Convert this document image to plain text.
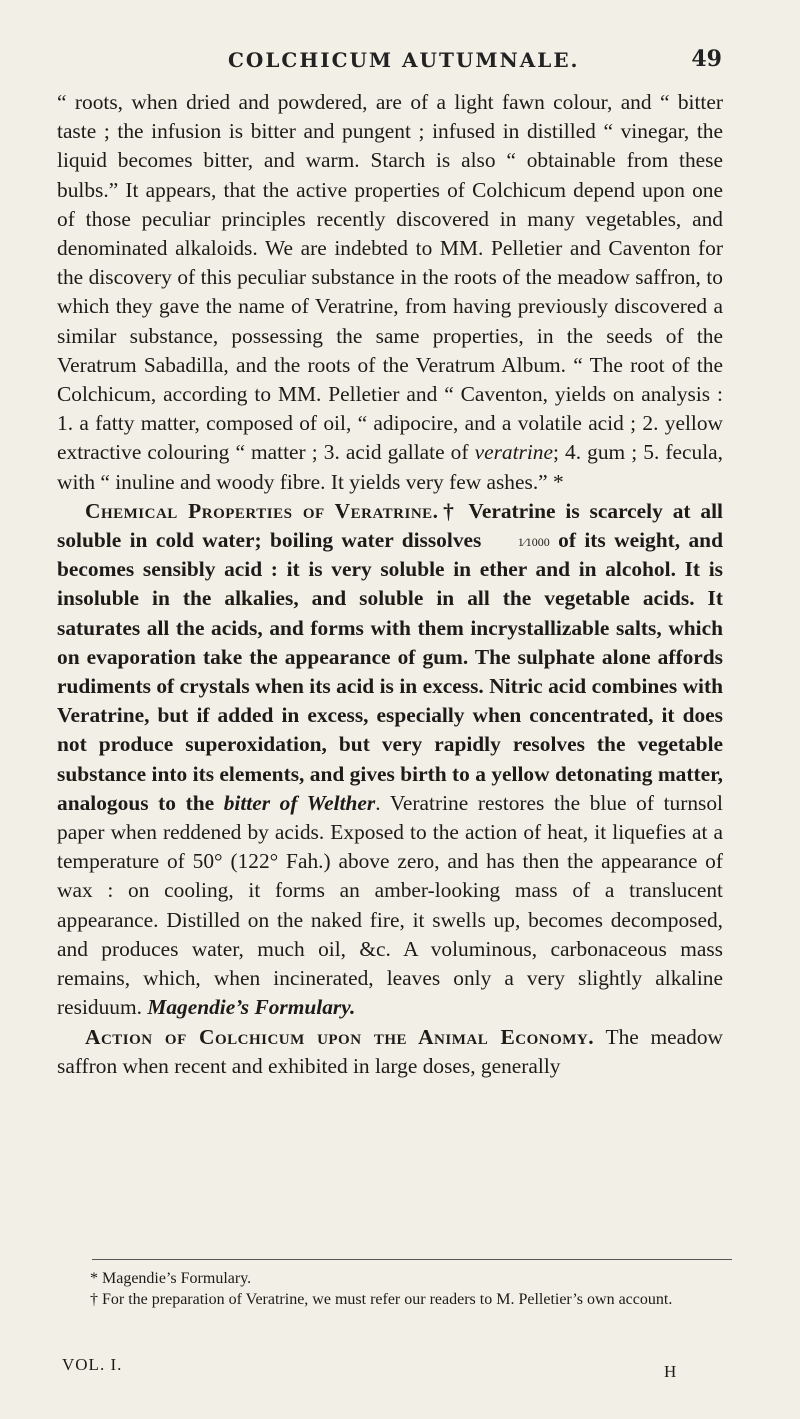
COLCHICUM AUTUMNALE.	49

“ roots, when dried and powdered, are of a light fawn colour, and “ bitter taste ; the infusion is bitter and pungent ; infused in distilled “ vinegar, the liquid becomes bitter, and warm. Starch is also “ obtainable from these bulbs.” It appears, that the active properties of Colchicum depend upon one of those peculiar principles recently discovered in many vegetables, and denominated alkaloids. We are indebted to MM. Pelletier and Caventon for the discovery of this peculiar substance in the roots of the meadow saffron, to which they gave the name of Veratrine, from having previously discovered a similar substance, possessing the same properties, in the seeds of the Veratrum Sabadilla, and the roots of the Veratrum Album. “ The root of the Colchicum, according to MM. Pelletier and “ Caventon, yields on analysis : 1. a fatty matter, composed of oil, “ adipocire, and a volatile acid ; 2. yellow extractive colouring “ matter ; 3. acid gallate of veratrine; 4. gum ; 5. fecula, with “ inuline and woody fibre. It yields very few ashes.” *

Chemical Properties of Veratrine.† Veratrine is scarcely at all soluble in cold water; boiling water dissolves 1⁄1000 of its weight, and becomes sensibly acid : it is very soluble in ether and in alcohol. It is insoluble in the alkalies, and soluble in all the vegetable acids. It saturates all the acids, and forms with them incrystallizable salts, which on evaporation take the appearance of gum. The sulphate alone affords rudiments of crystals when its acid is in excess. Nitric acid combines with Veratrine, but if added in excess, especially when concentrated, it does not produce superoxidation, but very rapidly resolves the vegetable substance into its elements, and gives birth to a yellow detonating matter, analogous to the bitter of Welther. Veratrine restores the blue of turnsol paper when reddened by acids. Exposed to the action of heat, it liquefies at a temperature of 50° (122° Fah.) above zero, and has then the appearance of wax : on cooling, it forms an amber-looking mass of a translucent appearance. Distilled on the naked fire, it swells up, becomes decomposed, and produces water, much oil, &c. A voluminous, carbonaceous mass remains, which, when incinerated, leaves only a very slightly alkaline residuum. Magendie’s Formulary.

Action of Colchicum upon the Animal Economy. The meadow saffron when recent and exhibited in large doses, generally

* Magendie’s Formulary.

† For the preparation of Veratrine, we must refer our readers to M. Pelletier’s own account.

VOL. I.	H
